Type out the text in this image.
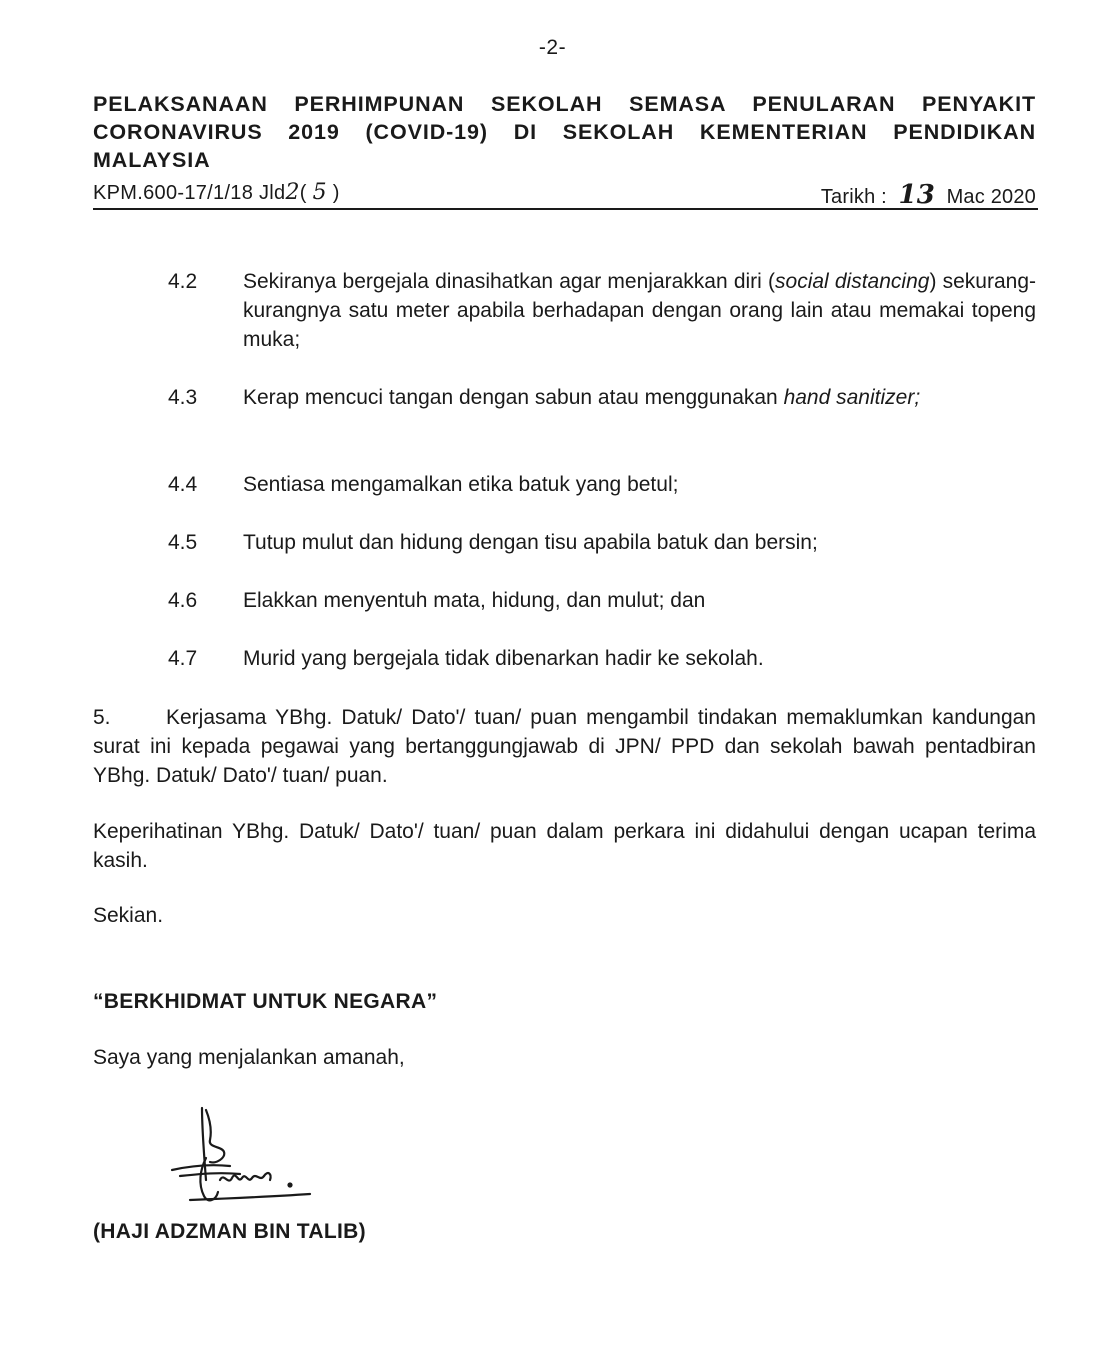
-2-
PELAKSANAAN PERHIMPUNAN SEKOLAH SEMASA PENULARAN PENYAKIT CORONAVIRUS 2019 (COVID-19) DI SEKOLAH KEMENTERIAN PENDIDIKAN MALAYSIA
KPM.600-17/1/18 Jld2( 5 )	Tarikh : 13 Mac 2020
4.2	Sekiranya bergejala dinasihatkan agar menjarakkan diri (social distancing) sekurang-kurangnya satu meter apabila berhadapan dengan orang lain atau memakai topeng muka;
4.3	Kerap mencuci tangan dengan sabun atau menggunakan hand sanitizer;
4.4	Sentiasa mengamalkan etika batuk yang betul;
4.5	Tutup mulut dan hidung dengan tisu apabila batuk dan bersin;
4.6	Elakkan menyentuh mata, hidung, dan mulut; dan
4.7	Murid yang bergejala tidak dibenarkan hadir ke sekolah.
5.	Kerjasama YBhg. Datuk/ Dato'/ tuan/ puan mengambil tindakan memaklumkan kandungan surat ini kepada pegawai yang bertanggungjawab di JPN/ PPD dan sekolah bawah pentadbiran YBhg. Datuk/ Dato'/ tuan/ puan.
Keperihatinan YBhg. Datuk/ Dato'/ tuan/ puan dalam perkara ini didahului dengan ucapan terima kasih.
Sekian.
“BERKHIDMAT UNTUK NEGARA”
Saya yang menjalankan amanah,
(HAJI ADZMAN BIN TALIB)
